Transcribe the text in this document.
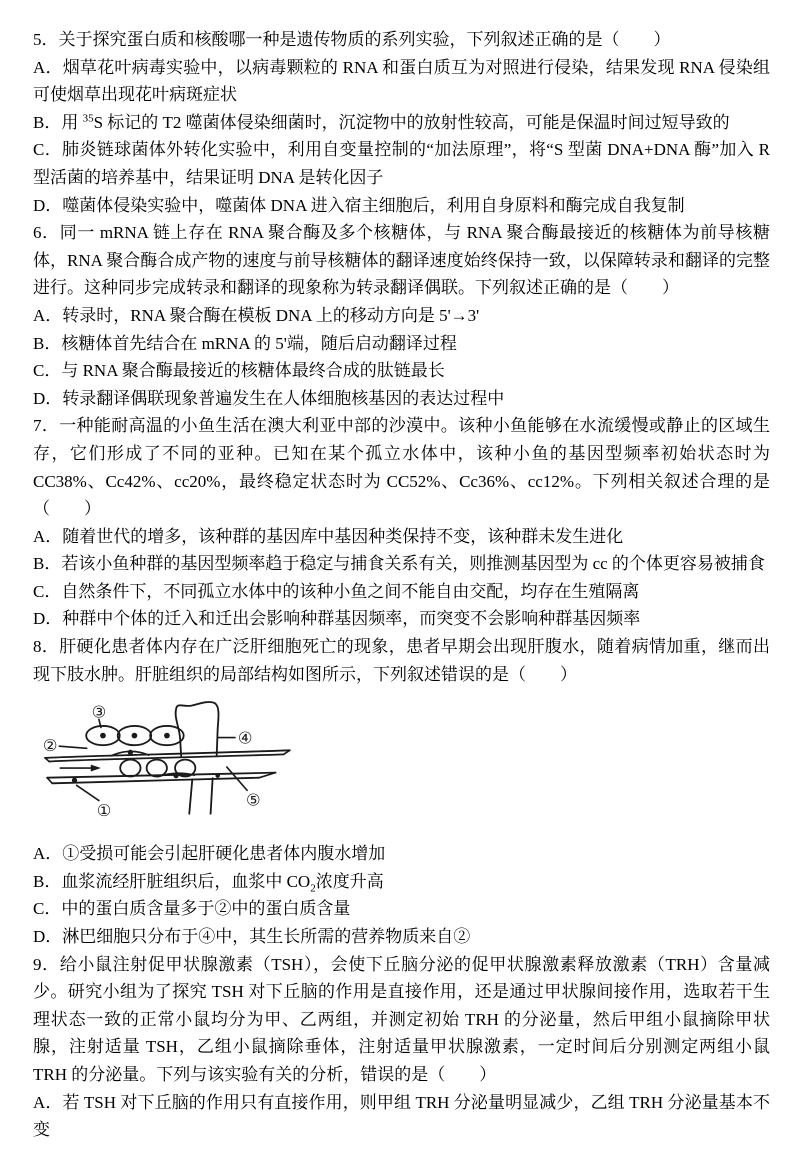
5．关于探究蛋白质和核酸哪一种是遗传物质的系列实验，下列叙述正确的是（　　）

A．烟草花叶病毒实验中，以病毒颗粒的 RNA 和蛋白质互为对照进行侵染，结果发现 RNA 侵染组可使烟草出现花叶病斑症状

B．用 $^{35}$S 标记的 T2 噬菌体侵染细菌时，沉淀物中的放射性较高，可能是保温时间过短导致的

C．肺炎链球菌体外转化实验中，利用自变量控制的“加法原理”，将“S 型菌 DNA+DNA 酶”加入 R 型活菌的培养基中，结果证明 DNA 是转化因子

D．噬菌体侵染实验中，噬菌体 DNA 进入宿主细胞后，利用自身原料和酶完成自我复制

6．同一 mRNA 链上存在 RNA 聚合酶及多个核糖体，与 RNA 聚合酶最接近的核糖体为前导核糖体，RNA 聚合酶合成产物的速度与前导核糖体的翻译速度始终保持一致，以保障转录和翻译的完整进行。这种同步完成转录和翻译的现象称为转录翻译偶联。下列叙述正确的是（　　）

A．转录时，RNA 聚合酶在模板 DNA 上的移动方向是 5'→3'

B．核糖体首先结合在 mRNA 的 5'端，随后启动翻译过程

C．与 RNA 聚合酶最接近的核糖体最终合成的肽链最长

D．转录翻译偶联现象普遍发生在人体细胞核基因的表达过程中

7．一种能耐高温的小鱼生活在澳大利亚中部的沙漠中。该种小鱼能够在水流缓慢或静止的区域生存，它们形成了不同的亚种。已知在某个孤立水体中，该种小鱼的基因型频率初始状态时为 CC38%、Cc42%、cc20%，最终稳定状态时为 CC52%、Cc36%、cc12%。下列相关叙述合理的是（　　）

A．随着世代的增多，该种群的基因库中基因种类保持不变，该种群未发生进化

B．若该小鱼种群的基因型频率趋于稳定与捕食关系有关，则推测基因型为 cc 的个体更容易被捕食

C．自然条件下，不同孤立水体中的该种小鱼之间不能自由交配，均存在生殖隔离

D．种群中个体的迁入和迁出会影响种群基因频率，而突变不会影响种群基因频率

8．肝硬化患者体内存在广泛肝细胞死亡的现象，患者早期会出现肝腹水，随着病情加重，继而出现下肢水肿。肝脏组织的局部结构如图所示，下列叙述错误的是（　　）

③
④
①
②
⑤

A．①受损可能会引起肝硬化患者体内腹水增加

B．血浆流经肝脏组织后，血浆中 $CO_2$浓度升高

C．中的蛋白质含量多于②中的蛋白质含量

D．淋巴细胞只分布于④中，其生长所需的营养物质来自②

9．给小鼠注射促甲状腺激素（TSH），会使下丘脑分泌的促甲状腺激素释放激素（TRH）含量减少。研究小组为了探究 TSH 对下丘脑的作用是直接作用，还是通过甲状腺间接作用，选取若干生理状态一致的正常小鼠均分为甲、乙两组，并测定初始 TRH 的分泌量，然后甲组小鼠摘除甲状腺，注射适量 TSH，乙组小鼠摘除垂体，注射适量甲状腺激素，一定时间后分别测定两组小鼠 TRH 的分泌量。下列与该实验有关的分析，错误的是（　　）

A．若 TSH 对下丘脑的作用只有直接作用，则甲组 TRH 分泌量明显减少，乙组 TRH 分泌量基本不变
